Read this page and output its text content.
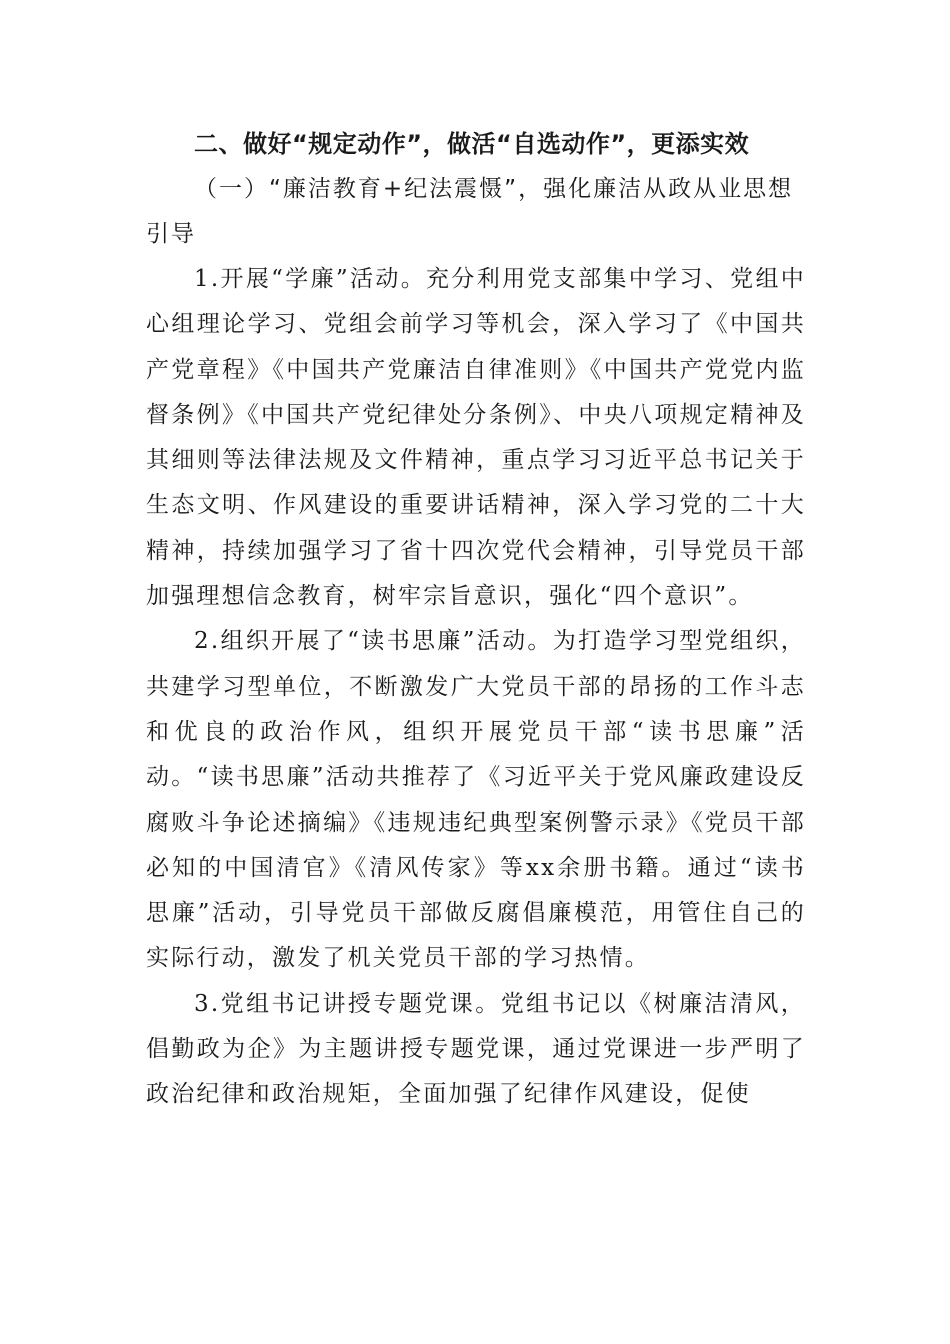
二、做好“规定动作”，做活“自选动作”，更添实效

（一）“廉洁教育+纪法震慑”，强化廉洁从政从业思想引导

1.开展“学廉”活动。充分利用党支部集中学习、党组中心组理论学习、党组会前学习等机会，深入学习了《中国共产党章程》《中国共产党廉洁自律准则》《中国共产党党内监督条例》《中国共产党纪律处分条例》、中央八项规定精神及其细则等法律法规及文件精神，重点学习习近平总书记关于生态文明、作风建设的重要讲话精神，深入学习党的二十大精神，持续加强学习了省十四次党代会精神，引导党员干部加强理想信念教育，树牢宗旨意识，强化“四个意识”。

2.组织开展了“读书思廉”活动。为打造学习型党组织，共建学习型单位，不断激发广大党员干部的昂扬的工作斗志和优良的政治作风，组织开展党员干部“读书思廉”活动。“读书思廉”活动共推荐了《习近平关于党风廉政建设反腐败斗争论述摘编》《违规违纪典型案例警示录》《党员干部必知的中国清官》《清风传家》等xx余册书籍。通过“读书思廉”活动，引导党员干部做反腐倡廉模范，用管住自己的实际行动，激发了机关党员干部的学习热情。

3.党组书记讲授专题党课。党组书记以《树廉洁清风，倡勤政为企》为主题讲授专题党课，通过党课进一步严明了政治纪律和政治规矩，全面加强了纪律作风建设，促使
